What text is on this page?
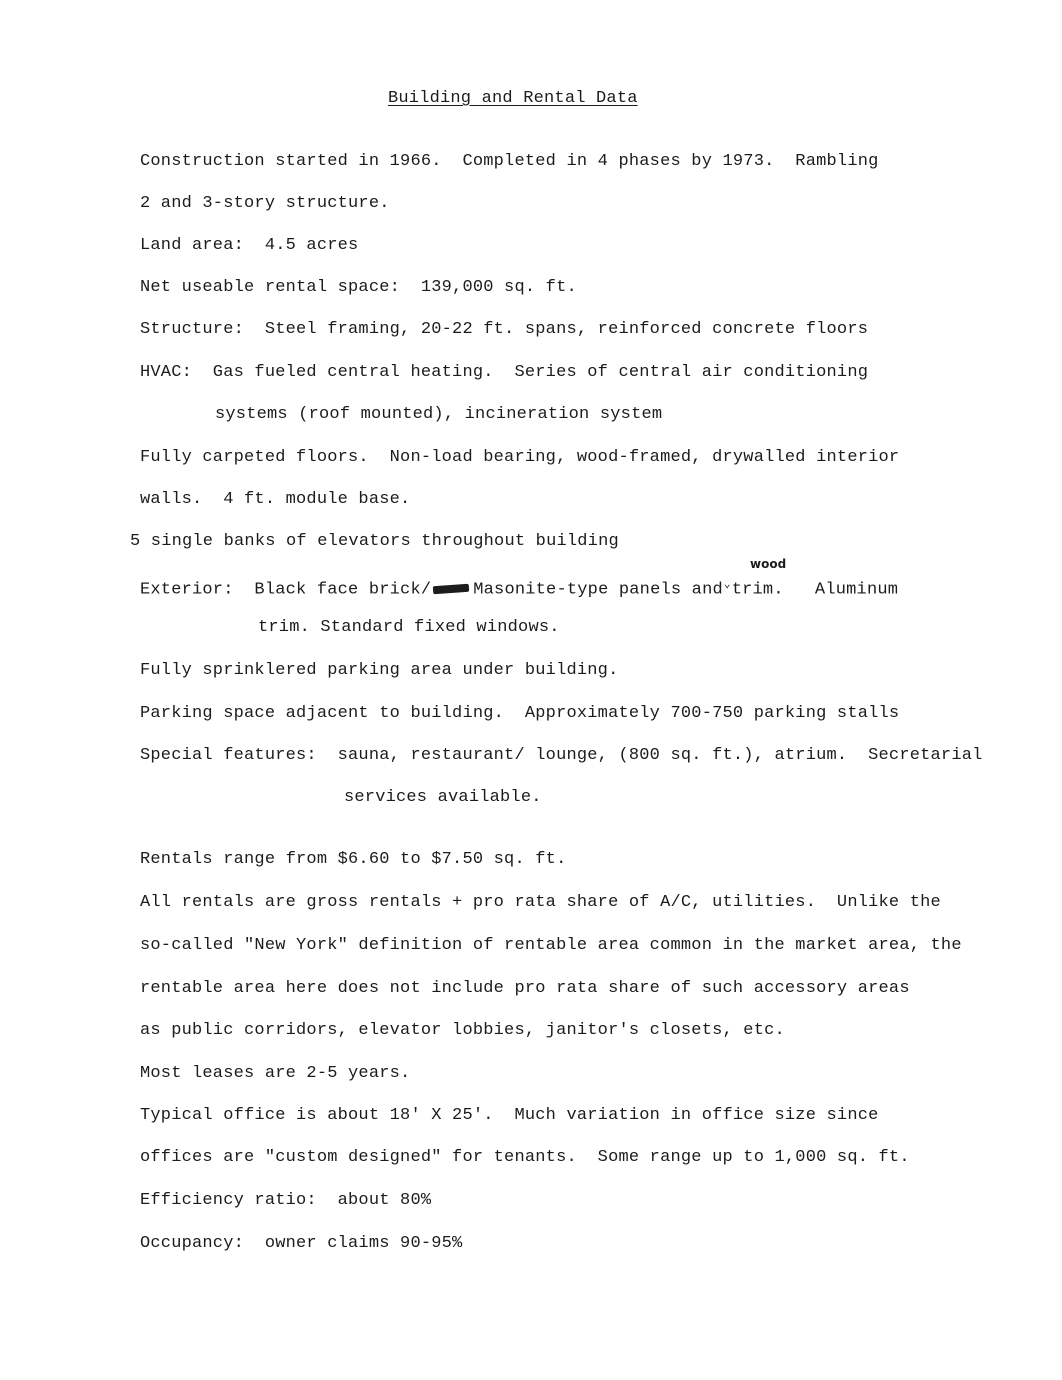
Building and Rental Data
Construction started in 1966.  Completed in 4 phases by 1973.  Rambling
2 and 3-story structure.
Land area:  4.5 acres
Net useable rental space:  139,000 sq. ft.
Structure:  Steel framing, 20-22 ft. spans, reinforced concrete floors
HVAC:  Gas fueled central heating.  Series of central air conditioning
systems (roof mounted), incineration system
Fully carpeted floors.  Non-load bearing, wood-framed, drywalled interior
walls.  4 ft. module base.
5 single banks of elevators throughout building
wood
Exterior:  Black face brick/ Masonite-type panels and⌄trim.   Aluminum
trim. Standard fixed windows.
Fully sprinklered parking area under building.
Parking space adjacent to building.  Approximately 700-750 parking stalls
Special features:  sauna, restaurant/ lounge, (800 sq. ft.), atrium.  Secretarial
services available.
Rentals range from $6.60 to $7.50 sq. ft.
All rentals are gross rentals + pro rata share of A/C, utilities.  Unlike the
so-called "New York" definition of rentable area common in the market area, the
rentable area here does not include pro rata share of such accessory areas
as public corridors, elevator lobbies, janitor's closets, etc.
Most leases are 2-5 years.
Typical office is about 18' X 25'.  Much variation in office size since
offices are "custom designed" for tenants.  Some range up to 1,000 sq. ft.
Efficiency ratio:  about 80%
Occupancy:  owner claims 90-95%
